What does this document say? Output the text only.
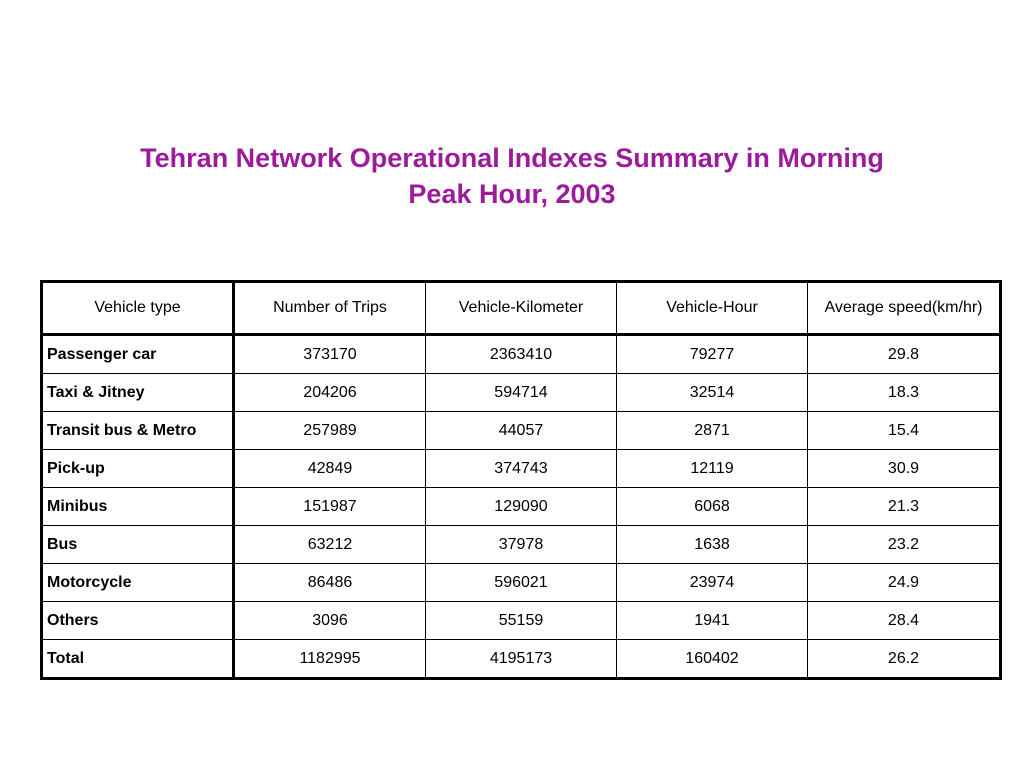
Tehran Network Operational Indexes Summary in Morning
Peak Hour, 2003
Vehicle type	Number of Trips	Vehicle-Kilometer	Vehicle-Hour	Average speed(km/hr)
Passenger car	373170	2363410	79277	29.8
Taxi & Jitney	204206	594714	32514	18.3
Transit bus & Metro	257989	44057	2871	15.4
Pick-up	42849	374743	12119	30.9
Minibus	151987	129090	6068	21.3
Bus	63212	37978	1638	23.2
Motorcycle	86486	596021	23974	24.9
Others	3096	55159	1941	28.4
Total	1182995	4195173	160402	26.2
